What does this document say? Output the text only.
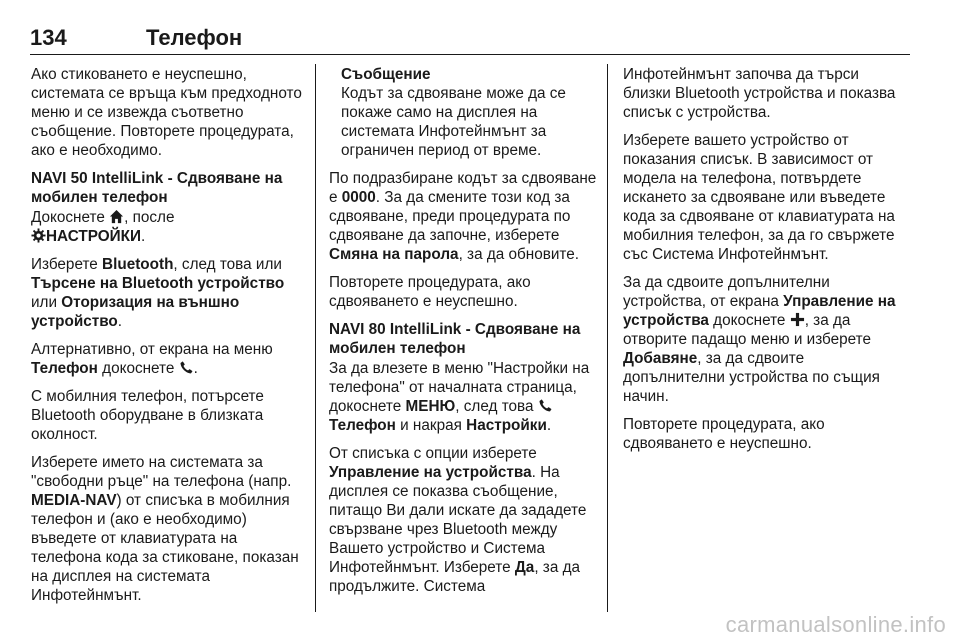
134	Телефон

Ако стиковането е неуспешно, системата се връща към предходното меню и се извежда съответно съобщение. Повторете процедурата, ако е необходимо.

NAVI 50 IntelliLink - Сдвояване на мобилен телефон

Докоснете
, после

НАСТРОЙКИ.

Изберете Bluetooth, след това или Търсене на Bluetooth устройство или Оторизация на външно устройство.

Алтернативно, от екрана на меню Телефон докоснете
.

С мобилния телефон, потърсете Bluetooth оборудване в близката околност.

Изберете името на системата за "свободни ръце" на телефона (напр. MEDIA-NAV) от списъка в мобилния телефон и (ако е необходимо) въведете от клавиатурата на телефона кода за стиковане, показан на дисплея на системата Инфотейнмънт.

Съобщение

Кодът за сдвояване може да се покаже само на дисплея на системата Инфотейнмънт за ограничен период от време.

По подразбиране кодът за сдвояване е 0000. За да смените този код за сдвояване, преди процедурата по сдвояване да започне, изберете Смяна на парола, за да обновите.

Повторете процедурата, ако сдвояването е неуспешно.

NAVI 80 IntelliLink - Сдвояване на мобилен телефон

За да влезете в меню "Настройки на телефона" от началната страница, докоснете МЕНЮ, след това
Телефон и накрая Настройки.

От списъка с опции изберете Управление на устройства. На дисплея се показва съобщение, питащо Ви дали искате да зададете свързване чрез Bluetooth между Вашето устройство и Система Инфотейнмънт. Изберете Да, за да продължите. Система

Инфотейнмънт започва да търси близки Bluetooth устройства и показва списък с устройства.

Изберете вашето устройство от показания списък. В зависимост от модела на телефона, потвърдете искането за сдвояване или въведете кода за сдвояване от клавиатурата на мобилния телефон, за да го свържете със Система Инфотейнмънт.

За да сдвоите допълнителни устройства, от екрана Управление на устройства докоснете
, за да отворите падащо меню и изберете Добавяне, за да сдвоите допълнителни устройства по същия начин.

Повторете процедурата, ако сдвояването е неуспешно.

carmanualsonline.info
